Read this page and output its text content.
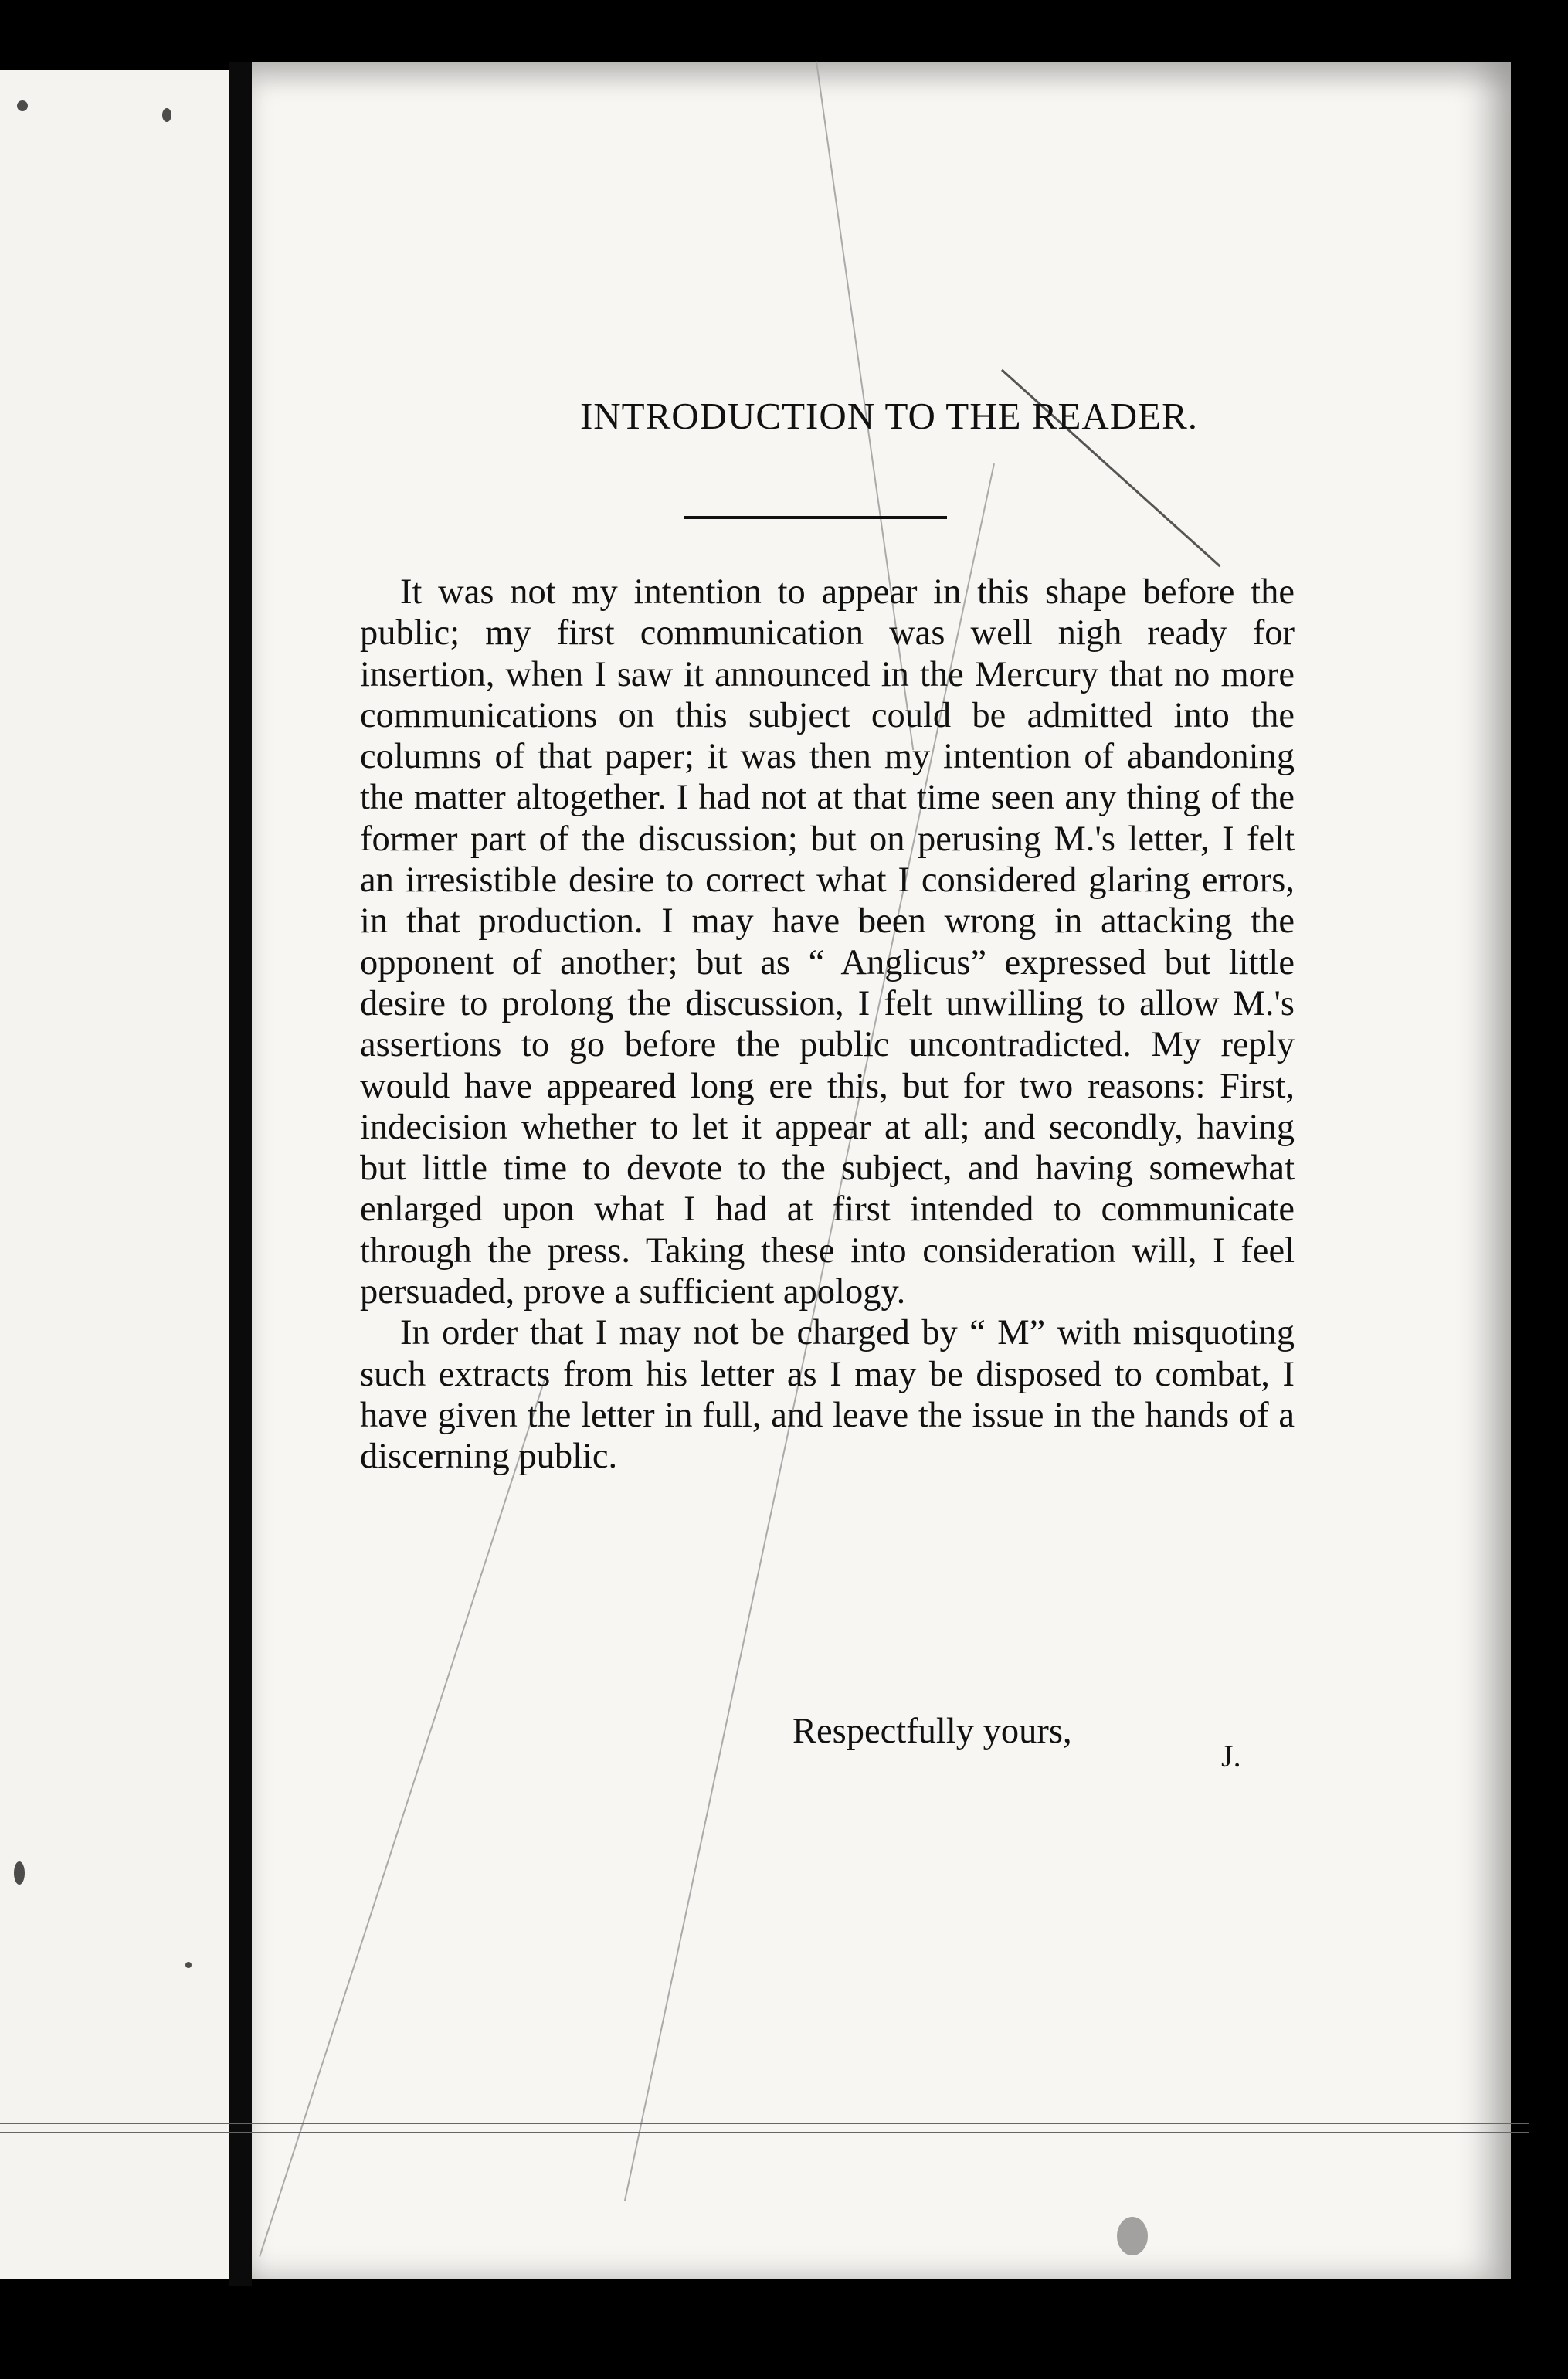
INTRODUCTION TO THE READER.

It was not my intention to appear in this shape before the public; my first communication was well nigh ready for insertion, when I saw it announced in the Mercury that no more communications on this subject could be admitted into the columns of that paper; it was then my intention of abandoning the matter altogether. I had not at that time seen any thing of the former part of the discussion; but on perusing M.'s letter, I felt an irresistible desire to correct what I considered glaring errors, in that production. I may have been wrong in attacking the opponent of another; but as “ Anglicus” expressed but little desire to prolong the discussion, I felt unwilling to allow M.'s assertions to go before the public uncontradicted. My reply would have appeared long ere this, but for two reasons: First, indecision whether to let it appear at all; and secondly, having but little time to devote to the subject, and having somewhat enlarged upon what I had at first intended to communicate through the press. Taking these into consideration will, I feel persuaded, prove a sufficient apology.

In order that I may not be charged by “ M” with misquoting such extracts from his letter as I may be disposed to combat, I have given the letter in full, and leave the issue in the hands of a discerning public.

Respectfully yours,
J.
